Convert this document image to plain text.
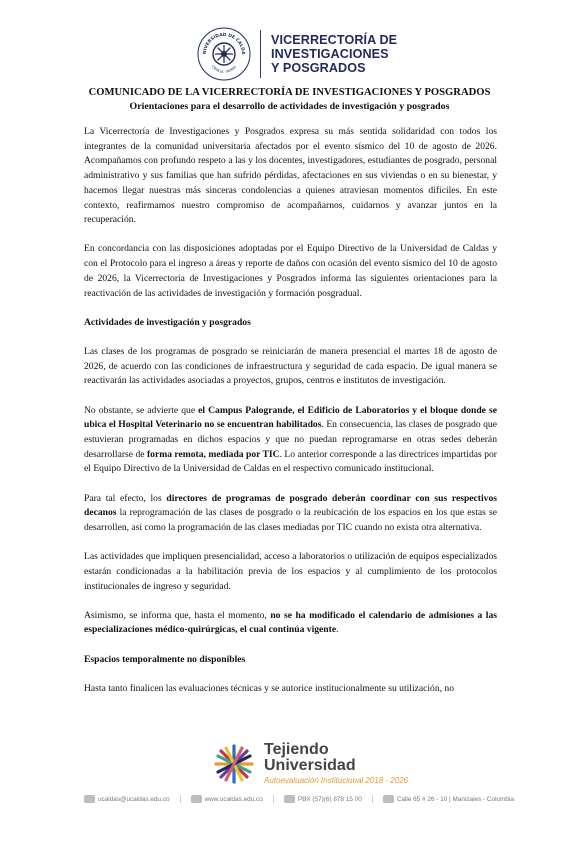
NIVERSIDAD DE CALDA
CIENCIA · MORAL
VICERRECTORÍA DE
INVESTIGACIONES
Y POSGRADOS
COMUNICADO DE LA VICERRECTORÍA DE INVESTIGACIONES Y POSGRADOS
Orientaciones para el desarrollo de actividades de investigación y posgrados

La Vicerrectoría de Investigaciones y Posgrados expresa su más sentida solidaridad con todos los integrantes de la comunidad universitaria afectados por el evento sísmico del 10 de agosto de 2026. Acompañamos con profundo respeto a las y los docentes, investigadores, estudiantes de posgrado, personal administrativo y sus familias que han sufrido pérdidas, afectaciones en sus viviendas o en su bienestar, y hacemos llegar nuestras más sinceras condolencias a quienes atraviesan momentos difíciles. En este contexto, reafirmamos nuestro compromiso de acompañarnos, cuidarnos y avanzar juntos en la recuperación.

En concordancia con las disposiciones adoptadas por el Equipo Directivo de la Universidad de Caldas y con el Protocolo para el ingreso a áreas y reporte de daños con ocasión del evento sísmico del 10 de agosto de 2026, la Vicerrectoría de Investigaciones y Posgrados informa las siguientes orientaciones para la reactivación de las actividades de investigación y formación posgradual.

Actividades de investigación y posgrados

Las clases de los programas de posgrado se reiniciarán de manera presencial el martes 18 de agosto de 2026, de acuerdo con las condiciones de infraestructura y seguridad de cada espacio. De igual manera se reactivarán las actividades asociadas a proyectos, grupos, centros e institutos de investigación.

No obstante, se advierte que el Campus Palogrande, el Edificio de Laboratorios y el bloque donde se ubica el Hospital Veterinario no se encuentran habilitados. En consecuencia, las clases de posgrado que estuvieran programadas en dichos espacios y que no puedan reprogramarse en otras sedes deberán desarrollarse de forma remota, mediada por TIC. Lo anterior corresponde a las directrices impartidas por el Equipo Directivo de la Universidad de Caldas en el respectivo comunicado institucional.

Para tal efecto, los directores de programas de posgrado deberán coordinar con sus respectivos decanos la reprogramación de las clases de posgrado o la reubicación de los espacios en los que estas se desarrollen, así como la programación de las clases mediadas por TIC cuando no exista otra alternativa.

Las actividades que impliquen presencialidad, acceso a laboratorios o utilización de equipos especializados estarán condicionadas a la habilitación previa de los espacios y al cumplimiento de los protocolos institucionales de ingreso y seguridad.

Asimismo, se informa que, hasta el momento, no se ha modificado el calendario de admisiones a las especializaciones médico-quirúrgicas, el cual continúa vigente.

Espacios temporalmente no disponibles

Hasta tanto finalicen las evaluaciones técnicas y se autorice institucionalmente su utilización, no

Tejiendo
Universidad
Autoevaluación Institucional 2018 - 2026
ucaldas@ucaldas.edu.co	www.ucaldas.edu.co	PBX (57)(6) 878 15 00	Calle 65 # 26 - 10 | Manizales - Colombia
